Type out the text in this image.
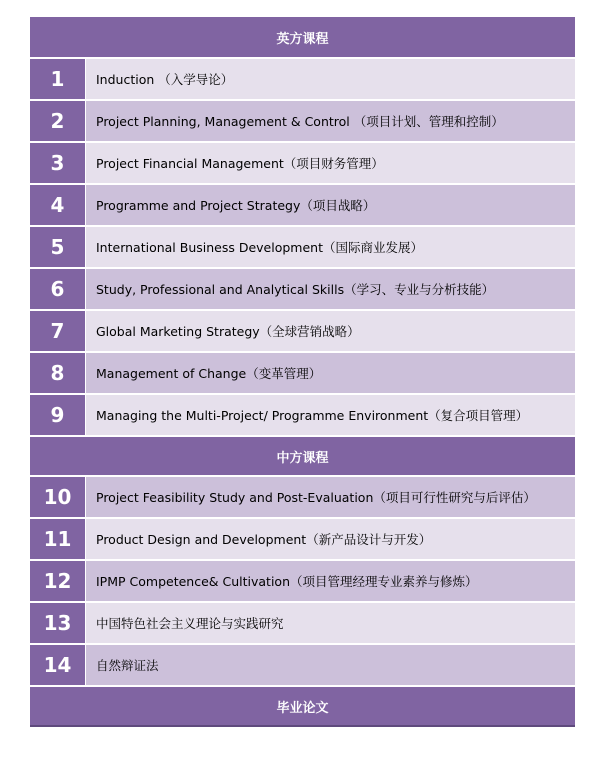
英方课程
1	Induction （入学导论）
2	Project Planning, Management & Control （项目计划、管理和控制）
3	Project Financial Management（项目财务管理）
4	Programme and Project Strategy（项目战略）
5	International Business Development（国际商业发展）
6	Study, Professional and Analytical Skills（学习、专业与分析技能）
7	Global Marketing Strategy（全球营销战略）
8	Management of Change（变革管理）
9	Managing the Multi-Project/ Programme Environment（复合项目管理）
中方课程
10	Project Feasibility Study and Post-Evaluation（项目可行性研究与后评估）
11	Product Design and Development（新产品设计与开发）
12	IPMP Competence& Cultivation（项目管理经理专业素养与修炼）
13	中国特色社会主义理论与实践研究
14	自然辩证法
毕业论文
